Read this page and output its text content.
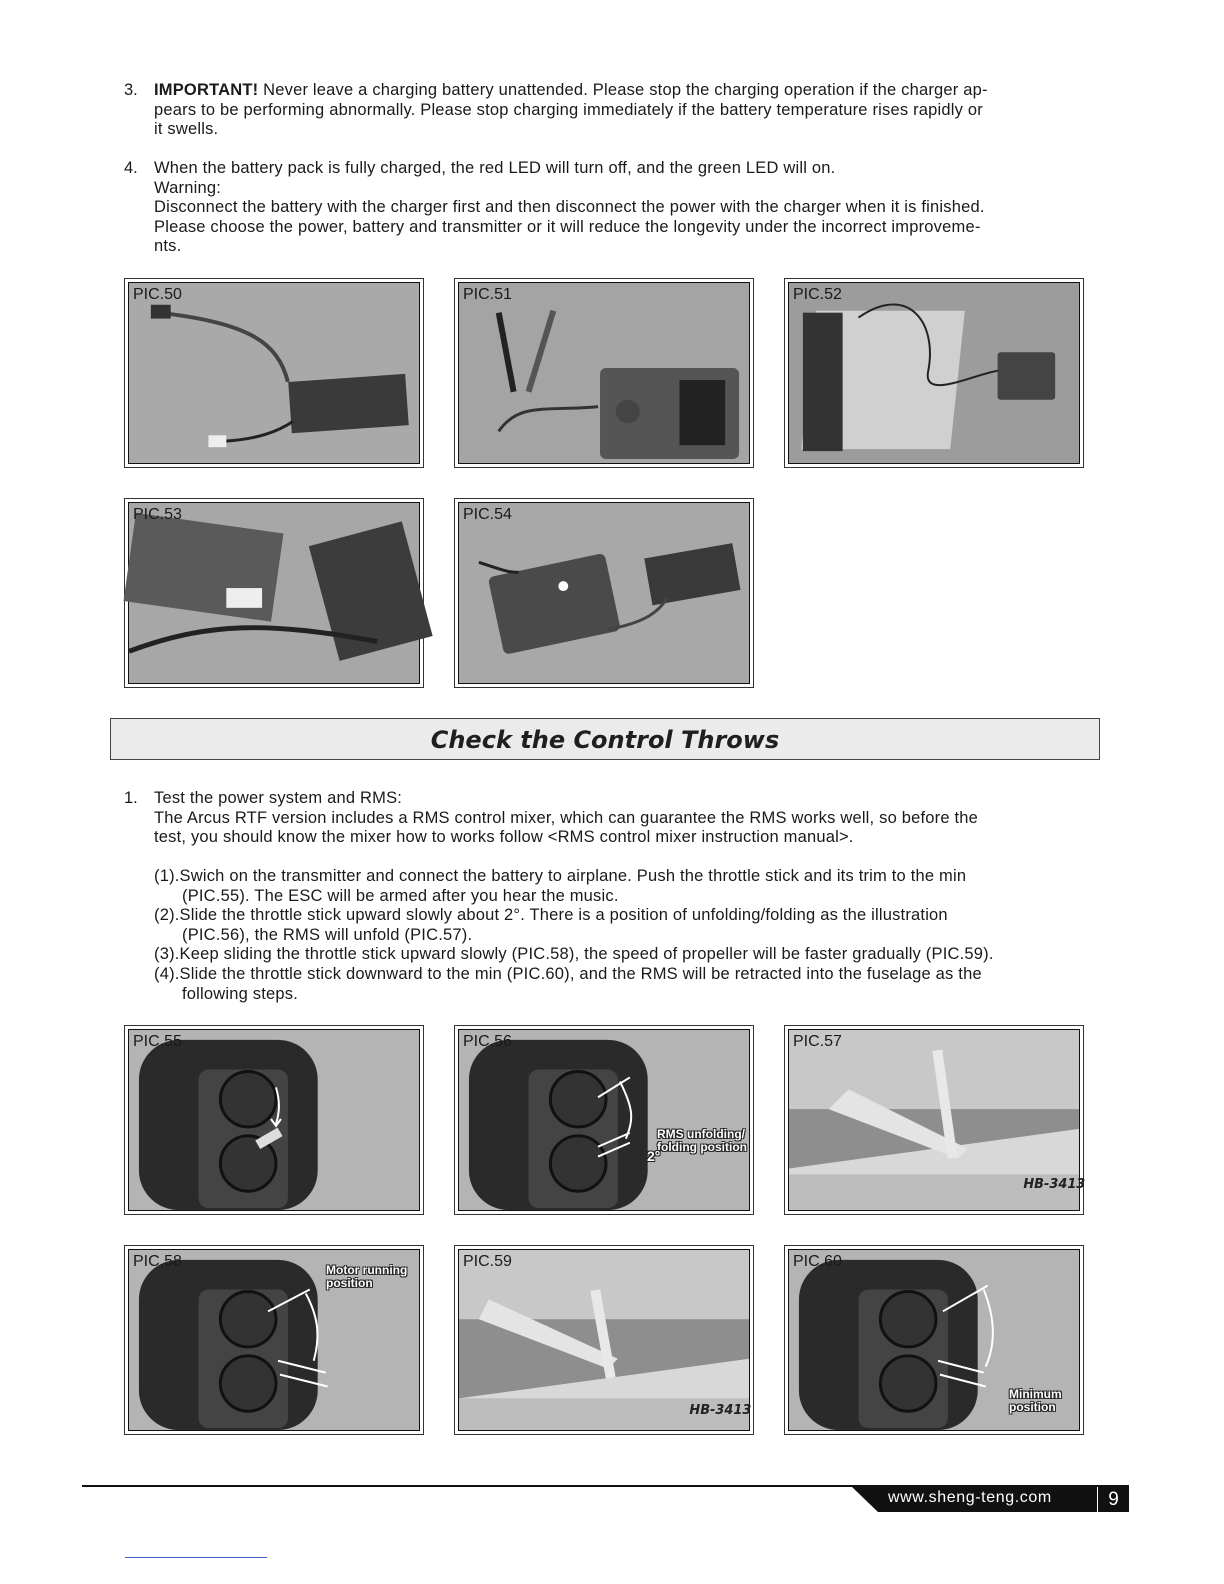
3. IMPORTANT! Never leave a charging battery unattended. Please stop the charging operation if the charger ap-
pears to be performing abnormally. Please stop charging immediately if the battery temperature rises rapidly or
it swells.
4. When the battery pack is fully charged, the red LED will turn off, and the green LED will on.
Warning:
Disconnect the battery with the charger first and then disconnect the power with the charger when it is finished.
Please choose the power, battery and transmitter or it will reduce the longevity under the incorrect improveme-
nts.
PIC.50	PIC.51	PIC.52
PIC.53	PIC.54
Check the Control Throws
1. Test the power system and RMS:
The Arcus RTF version includes a RMS control mixer, which can guarantee the RMS works well, so before the
test, you should know the mixer how to works follow <RMS control mixer instruction manual>.
(1).Swich on the transmitter and connect the battery to airplane. Push the throttle stick and its trim to the min
(PIC.55). The ESC will be armed after you hear the music.
(2).Slide the throttle stick upward slowly about 2°. There is a position of unfolding/folding as the illustration
(PIC.56), the RMS will unfold (PIC.57).
(3).Keep sliding the throttle stick upward slowly (PIC.58), the speed of propeller will be faster gradually (PIC.59).
(4).Slide the throttle stick downward to the min (PIC.60), and the RMS will be retracted into the fuselage as the
following steps.
PIC.55	PIC.56
RMS unfolding/
folding position
2°
PIC.57
HB-3413
PIC.58	Motor running
position
PIC.59
HB-3413
PIC.60
Minimum
position
www.sheng-teng.com	9
